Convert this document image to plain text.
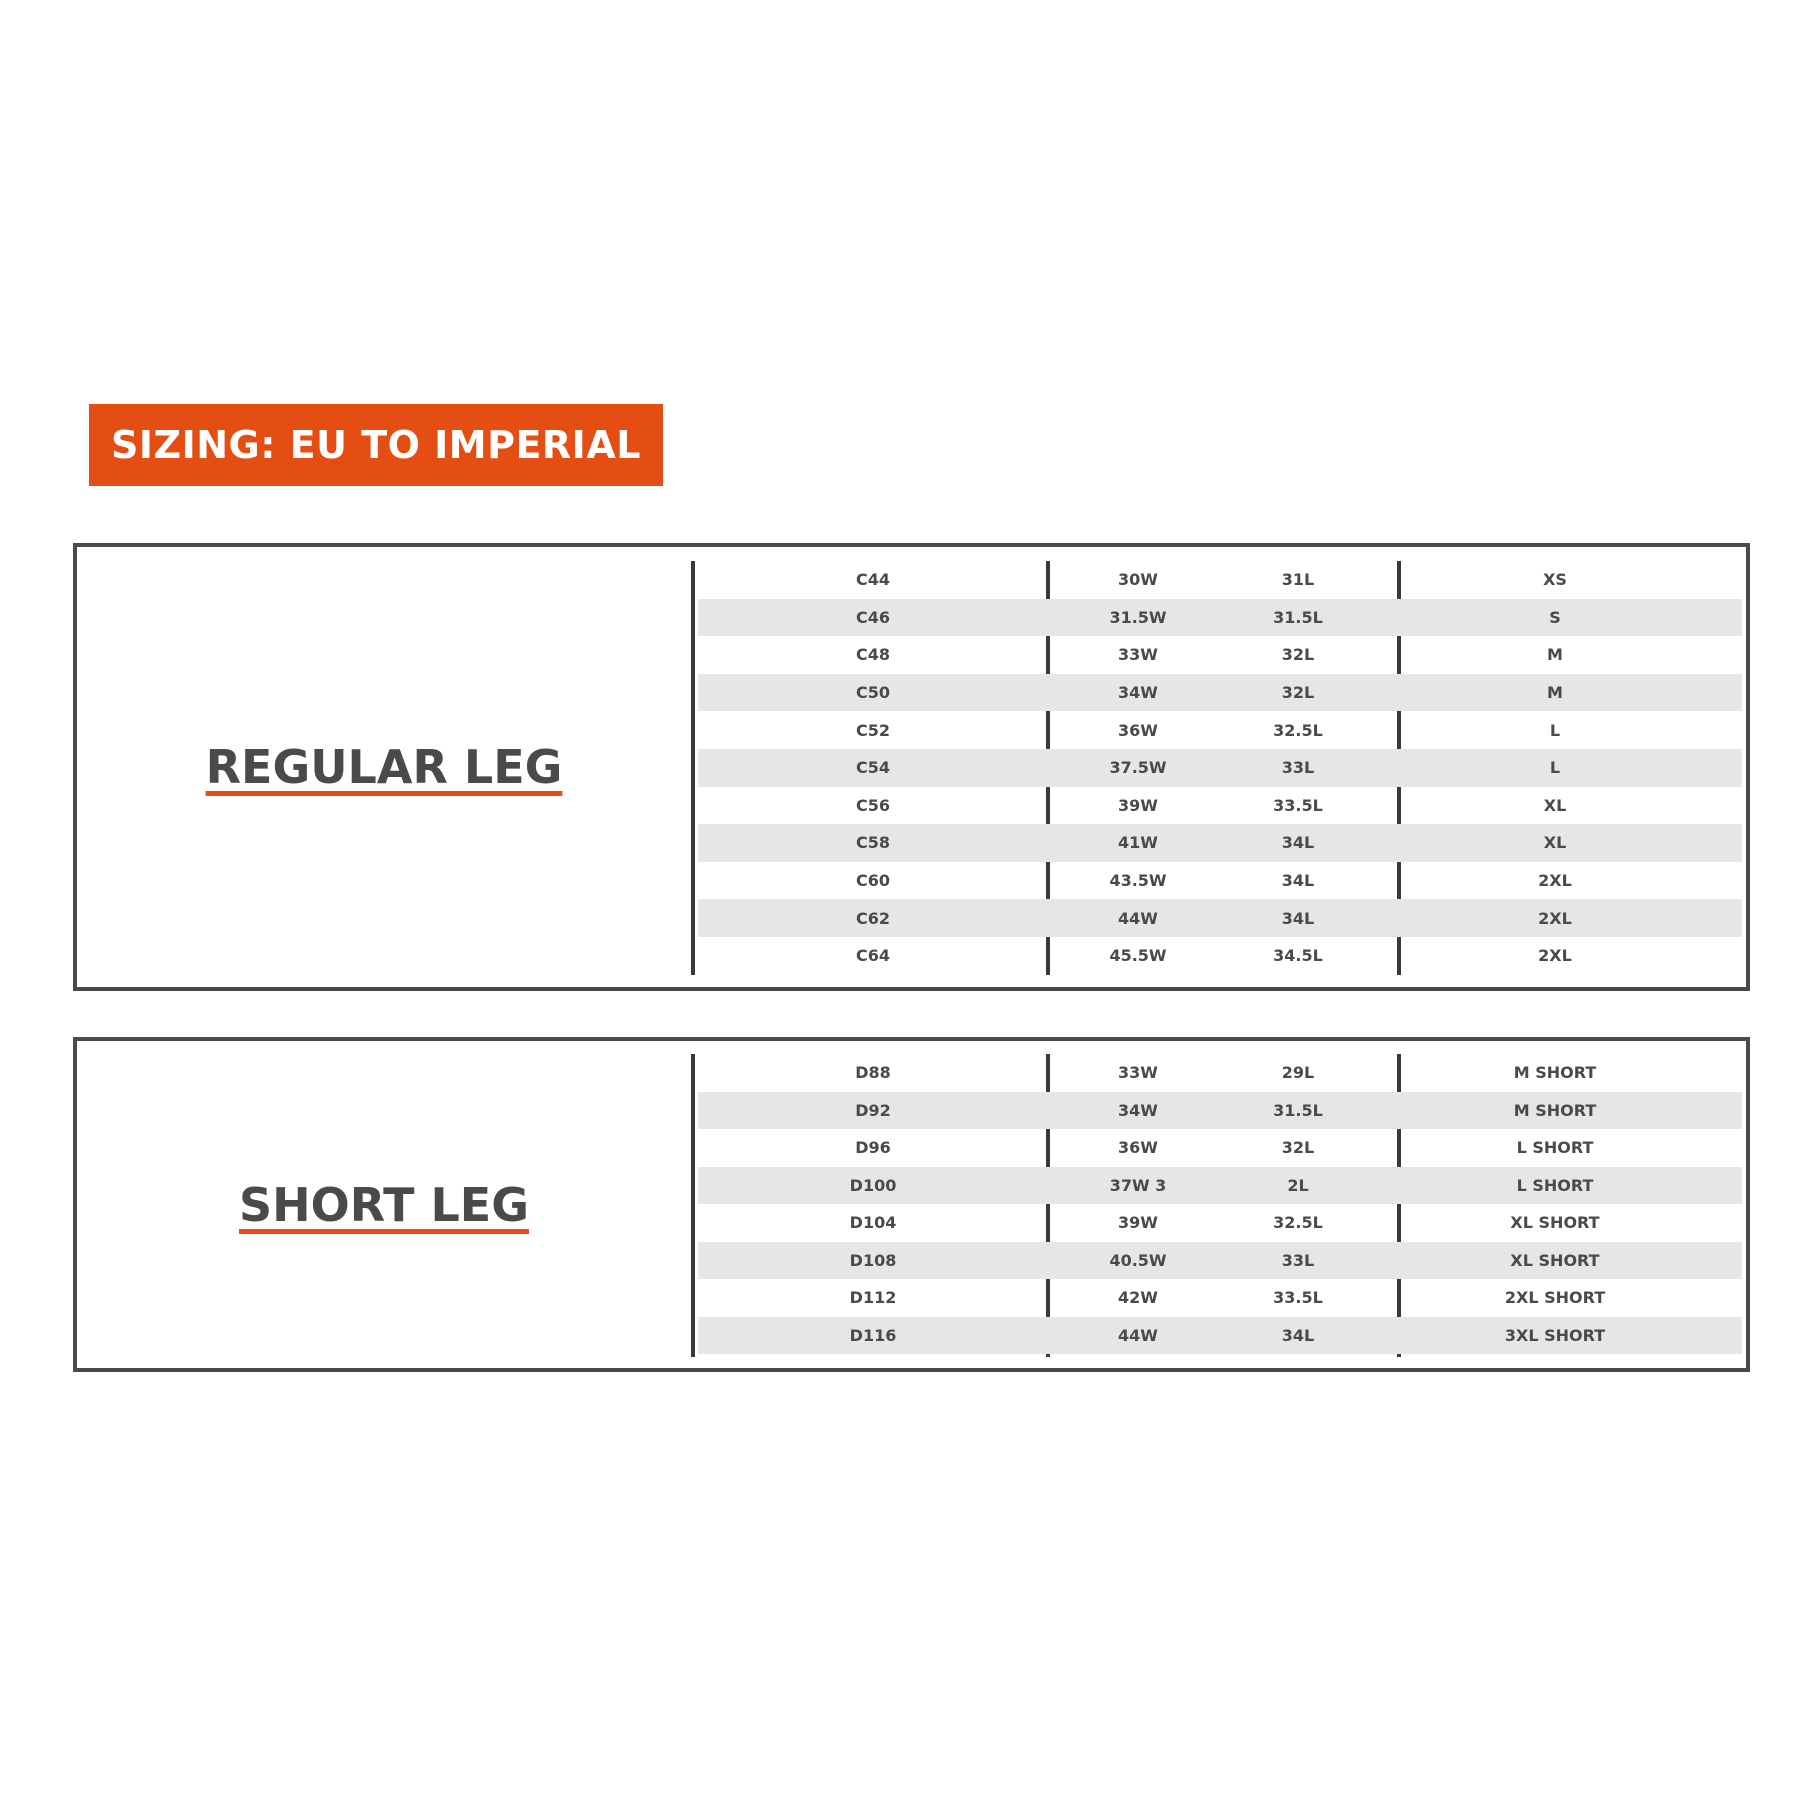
SIZING: EU TO IMPERIAL
REGULAR LEG
C44	30W	31L	XS
C46	31.5W	31.5L	S
C48	33W	32L	M
C50	34W	32L	M
C52	36W	32.5L	L
C54	37.5W	33L	L
C56	39W	33.5L	XL
C58	41W	34L	XL
C60	43.5W	34L	2XL
C62	44W	34L	2XL
C64	45.5W	34.5L	2XL
SHORT LEG
D88	33W	29L	M SHORT
D92	34W	31.5L	M SHORT
D96	36W	32L	L SHORT
D100	37W 3	2L	L SHORT
D104	39W	32.5L	XL SHORT
D108	40.5W	33L	XL SHORT
D112	42W	33.5L	2XL SHORT
D116	44W	34L	3XL SHORT
